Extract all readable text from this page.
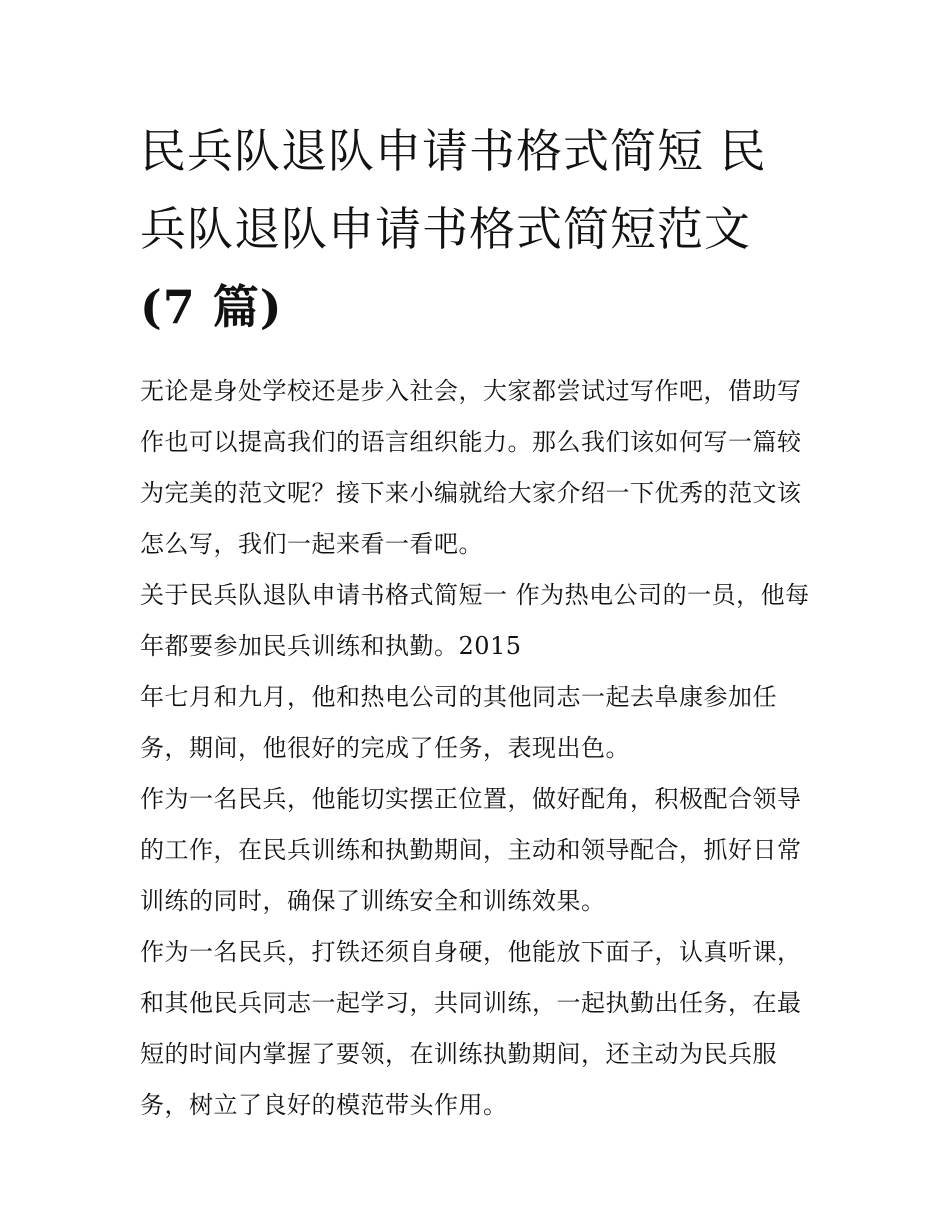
民兵队退队申请书格式简短 民兵队退队申请书格式简短范文
(7 篇)

无论是身处学校还是步入社会，大家都尝试过写作吧，借助写作也可以提高我们的语言组织能力。那么我们该如何写一篇较为完美的范文呢？接下来小编就给大家介绍一下优秀的范文该怎么写，我们一起来看一看吧。

关于民兵队退队申请书格式简短一 作为热电公司的一员，他每年都要参加民兵训练和执勤。2015

年七月和九月，他和热电公司的其他同志一起去阜康参加任务，期间，他很好的完成了任务，表现出色。

作为一名民兵，他能切实摆正位置，做好配角，积极配合领导的工作，在民兵训练和执勤期间，主动和领导配合，抓好日常训练的同时，确保了训练安全和训练效果。

作为一名民兵，打铁还须自身硬，他能放下面子，认真听课，和其他民兵同志一起学习，共同训练，一起执勤出任务，在最短的时间内掌握了要领，在训练执勤期间，还主动为民兵服务，树立了良好的模范带头作用。
